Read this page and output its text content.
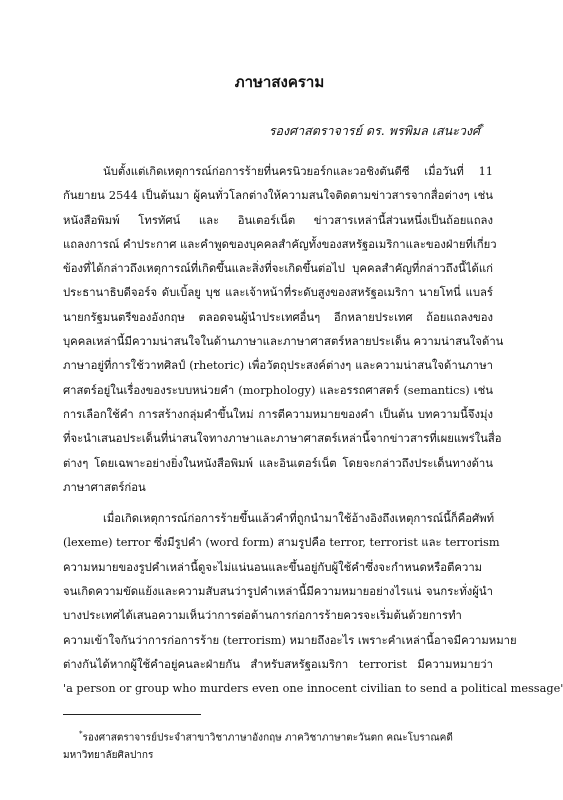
ภาษาสงคราม
รองศาสตราจารย์ ดร. พรพิมล เสนะวงศ์*
นับตั้งแต่เกิดเหตุการณ์ก่อการร้ายที่นครนิวยอร์กและวอชิงตันดีซี เมื่อวันที่ 11
กันยายน 2544 เป็นต้นมา ผู้คนทั่วโลกต่างให้ความสนใจติดตามข่าวสารจากสื่อต่างๆ เช่น
หนังสือพิมพ์ โทรทัศน์ และ อินเตอร์เน็ต ข่าวสารเหล่านี้ส่วนหนึ่งเป็นถ้อยแถลง
แถลงการณ์ คำประกาศ และคำพูดของบุคคลสำคัญทั้งของสหรัฐอเมริกาและของฝ่ายที่เกี่ยว
ข้องที่ได้กล่าวถึงเหตุการณ์ที่เกิดขึ้นและสิ่งที่จะเกิดขึ้นต่อไป บุคคลสำคัญที่กล่าวถึงนี้ได้แก่
ประธานาธิบดีจอร์จ ดับเบิ้ลยู บุช และเจ้าหน้าที่ระดับสูงของสหรัฐอเมริกา นายโทนี่ แบลร์
นายกรัฐมนตรีของอังกฤษ ตลอดจนผู้นำประเทศอื่นๆ อีกหลายประเทศ ถ้อยแถลงของ
บุคคลเหล่านี้มีความน่าสนใจในด้านภาษาและภาษาศาสตร์หลายประเด็น ความน่าสนใจด้าน
ภาษาอยู่ที่การใช้วาทศิลป์ (rhetoric) เพื่อวัตถุประสงค์ต่างๆ และความน่าสนใจด้านภาษา
ศาสตร์อยู่ในเรื่องของระบบหน่วยคำ (morphology) และอรรถศาสตร์ (semantics) เช่น
การเลือกใช้คำ การสร้างกลุ่มคำขึ้นใหม่ การตีความหมายของคำ เป็นต้น บทความนี้จึงมุ่ง
ที่จะนำเสนอประเด็นที่น่าสนใจทางภาษาและภาษาศาสตร์เหล่านี้จากข่าวสารที่เผยแพร่ในสื่อ
ต่างๆ โดยเฉพาะอย่างยิ่งในหนังสือพิมพ์ และอินเตอร์เน็ต โดยจะกล่าวถึงประเด็นทางด้าน
ภาษาศาสตร์ก่อน
เมื่อเกิดเหตุการณ์ก่อการร้ายขึ้นแล้วคำที่ถูกนำมาใช้อ้างอิงถึงเหตุการณ์นี้ก็คือศัพท์
(lexeme) terror ซึ่งมีรูปคำ (word form) สามรูปคือ terror, terrorist และ terrorism
ความหมายของรูปคำเหล่านี้ดูจะไม่แน่นอนและขึ้นอยู่กับผู้ใช้คำซึ่งจะกำหนดหรือตีความ
จนเกิดความขัดแย้งและความสับสนว่ารูปคำเหล่านี้มีความหมายอย่างไรแน่ จนกระทั่งผู้นำ
บางประเทศได้เสนอความเห็นว่าการต่อต้านการก่อการร้ายควรจะเริ่มต้นด้วยการทำ
ความเข้าใจกันว่าการก่อการร้าย (terrorism) หมายถึงอะไร เพราะคำเหล่านี้อาจมีความหมาย
ต่างกันได้หากผู้ใช้คำอยู่คนละฝ่ายกัน สำหรับสหรัฐอเมริกา terrorist มีความหมายว่า
'a person or group who murders even one innocent civilian to send a political message'
*รองศาสตราจารย์ประจำสาขาวิชาภาษาอังกฤษ ภาควิชาภาษาตะวันตก คณะโบราณคดี
มหาวิทยาลัยศิลปากร
